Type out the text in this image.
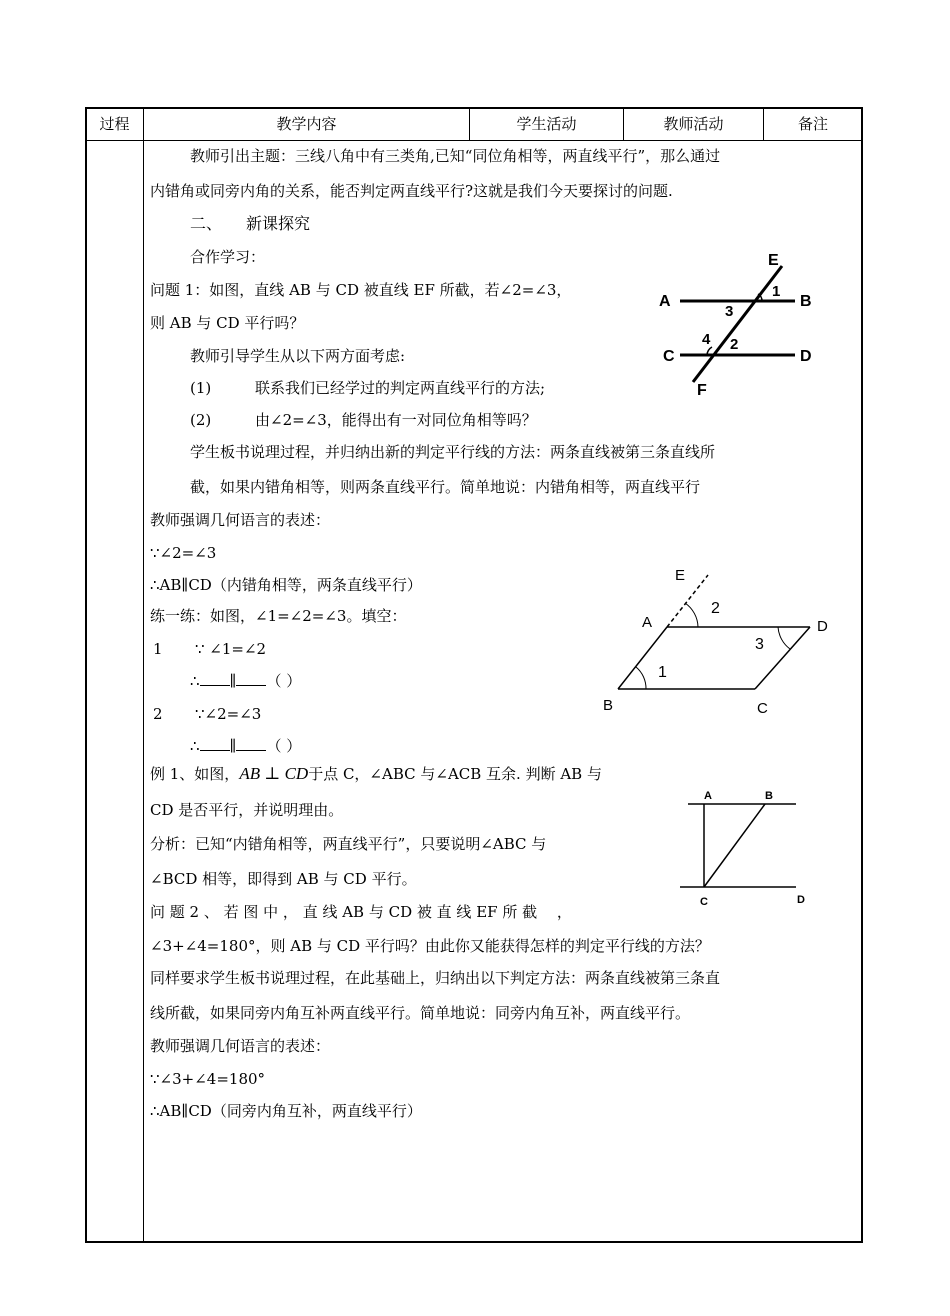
过程	教学内容	学生活动	教师活动	备注
教师引出主题：三线八角中有三类角,已知“同位角相等，两直线平行”，那么通过
内错角或同旁内角的关系，能否判定两直线平行?这就是我们今天要探讨的问题.
二、　　新课探究
合作学习：
问题 1：如图，直线 AB 与 CD 被直线 EF 所截，若∠2=∠3，
则 AB 与 CD 平行吗？
教师引导学生从以下两方面考虑:
(1)	联系我们已经学过的判定两直线平行的方法;
(2)	由∠2=∠3，能得出有一对同位角相等吗？
学生板书说理过程，并归纳出新的判定平行线的方法：两条直线被第三条直线所
截，如果内错角相等，则两条直线平行。简单地说：内错角相等，两直线平行
教师强调几何语言的表述：
∵∠2=∠3
∴AB∥CD（内错角相等，两条直线平行）
练一练：如图，∠1=∠2=∠3。填空：
1 ∵ ∠1=∠2
∴ ∥ （ ）
2 ∵∠2=∠3
∴ ∥ （ ）
例 1、如图，AB ⊥ CD于点 C，∠ABC 与∠ACB 互余. 判断 AB 与
CD 是否平行，并说明理由。
分析：已知“内错角相等，两直线平行”，只要说明∠ABC 与
∠BCD 相等，即得到 AB 与 CD 平行。
问 题 2 、 若 图 中 ， 直 线 AB 与 CD 被 直 线 EF 所 截　 ，
∠3+∠4=180°，则 AB 与 CD 平行吗？由此你又能获得怎样的判定平行线的方法？
同样要求学生板书说理过程，在此基础上，归纳出以下判定方法：两条直线被第三条直
线所截，如果同旁内角互补两直线平行。简单地说：同旁内角互补，两直线平行。
教师强调几何语言的表述：
∵∠3+∠4=180°
∴AB∥CD（同旁内角互补，两直线平行）
E
A	B
1
3
4 2
C	D
F
E
A	D
2
3
1
B	C
A	B
C	D
